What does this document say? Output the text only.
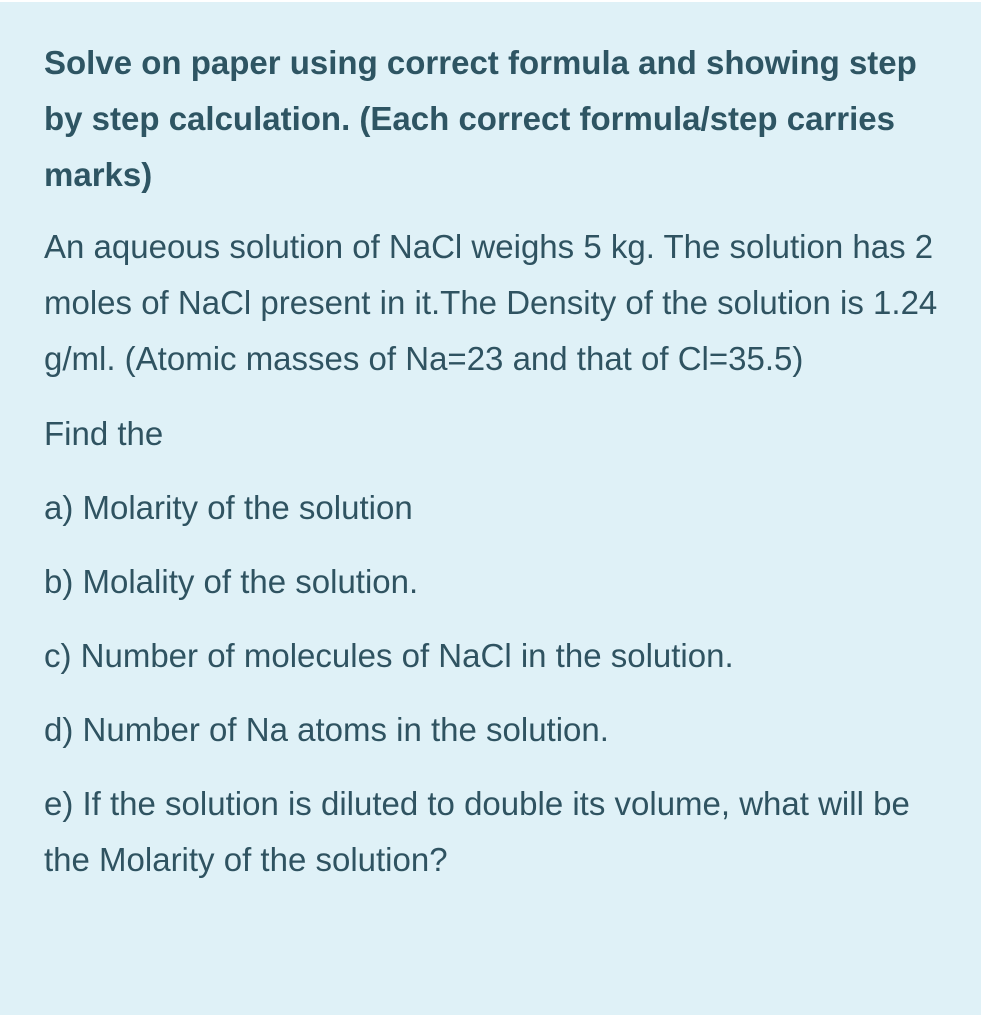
Solve on paper using correct formula and showing step by step calculation. (Each correct formula/step carries marks)

An aqueous solution of NaCl weighs 5 kg. The solution has 2 moles of NaCl present in it.The Density of the solution is 1.24 g/ml. (Atomic masses of Na=23 and that of Cl=35.5)

Find the

a) Molarity of the solution
b) Molality of the solution.
c) Number of molecules of NaCl in the solution.
d) Number of Na atoms in the solution.
e) If the solution is diluted to double its volume, what will be the Molarity of the solution?
